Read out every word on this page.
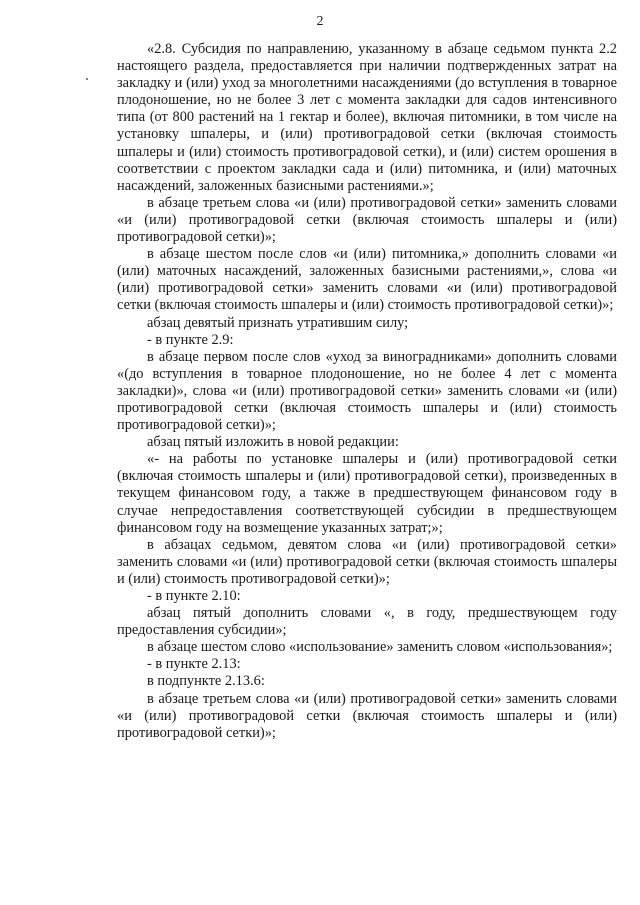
2

«2.8. Субсидия по направлению, указанному в абзаце седьмом пункта 2.2 настоящего раздела, предоставляется при наличии подтвержденных затрат на закладку и (или) уход за многолетними насаждениями (до вступления в товарное плодоношение, но не более 3 лет с момента закладки для садов интенсивного типа (от 800 растений на 1 гектар и более), включая питомники, в том числе на установку шпалеры, и (или) противоградовой сетки (включая стоимость шпалеры и (или) стоимость противоградовой сетки), и (или) систем орошения в соответствии с проектом закладки сада и (или) питомника, и (или) маточных насаждений, заложенных базисными растениями.»;

в абзаце третьем слова «и (или) противоградовой сетки» заменить словами «и (или) противоградовой сетки (включая стоимость шпалеры и (или) противоградовой сетки)»;

в абзаце шестом после слов «и (или) питомника,» дополнить словами «и (или) маточных насаждений, заложенных базисными растениями,», слова «и (или) противоградовой сетки» заменить словами «и (или) противоградовой сетки (включая стоимость шпалеры и (или) стоимость противоградовой сетки)»;

абзац девятый признать утратившим силу;

- в пункте 2.9:

в абзаце первом после слов «уход за виноградниками» дополнить словами «(до вступления в товарное плодоношение, но не более 4 лет с момента закладки)», слова «и (или) противоградовой сетки» заменить словами «и (или) противоградовой сетки (включая стоимость шпалеры и (или) стоимость противоградовой сетки)»;

абзац пятый изложить в новой редакции:

«- на работы по установке шпалеры и (или) противоградовой сетки (включая стоимость шпалеры и (или) противоградовой сетки), произведенных в текущем финансовом году, а также в предшествующем финансовом году в случае непредоставления соответствующей субсидии в предшествующем финансовом году на возмещение указанных затрат;»;

в абзацах седьмом, девятом слова «и (или) противоградовой сетки» заменить словами «и (или) противоградовой сетки (включая стоимость шпалеры и (или) стоимость противоградовой сетки)»;

- в пункте 2.10:

абзац пятый дополнить словами «, в году, предшествующем году предоставления субсидии»;

в абзаце шестом слово «использование» заменить словом «использования»;

- в пункте 2.13:

в подпункте 2.13.6:

в абзаце третьем слова «и (или) противоградовой сетки» заменить словами «и (или) противоградовой сетки (включая стоимость шпалеры и (или) противоградовой сетки)»;
